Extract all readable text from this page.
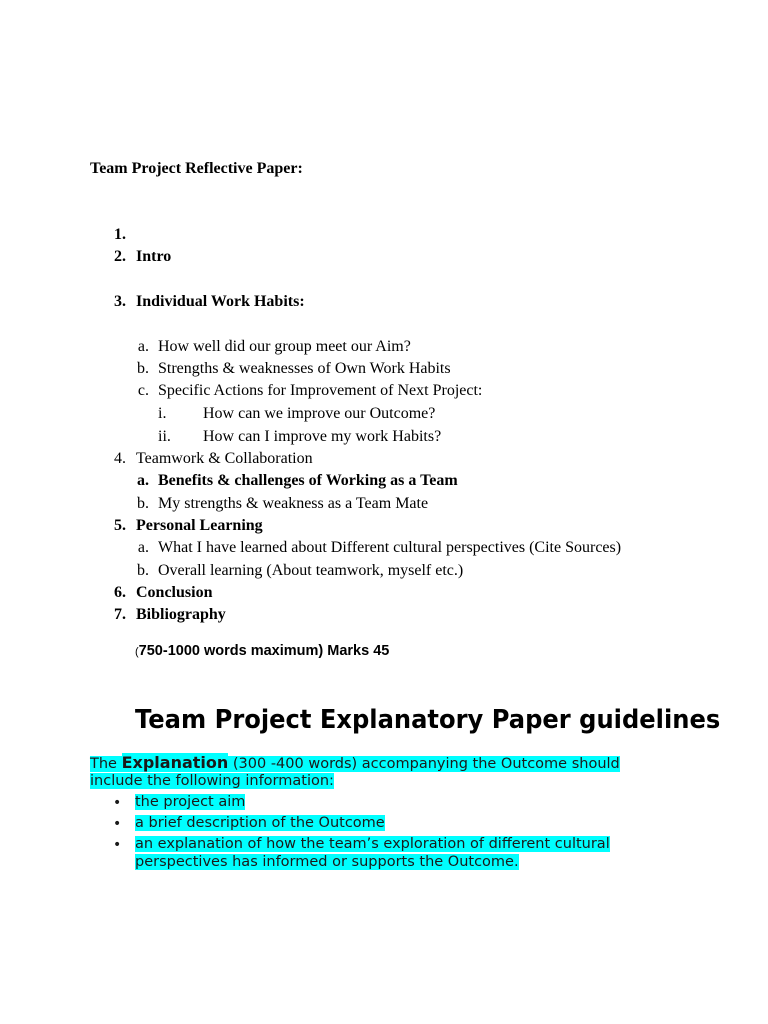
Team Project Reflective Paper:
1.
2. Intro
3. Individual Work Habits:
a. How well did our group meet our Aim?
b. Strengths & weaknesses of Own Work Habits
c. Specific Actions for Improvement of Next Project:
i. How can we improve our Outcome?
ii. How can I improve my work Habits?
4. Teamwork & Collaboration
a. Benefits & challenges of Working as a Team
b. My strengths & weakness as a Team Mate
5. Personal Learning
a. What I have learned about Different cultural perspectives (Cite Sources)
b. Overall learning (About teamwork, myself etc.)
6. Conclusion
7. Bibliography
(750-1000 words maximum) Marks 45
Team Project Explanatory Paper guidelines
The Explanation (300 -400 words) accompanying the Outcome should
include the following information:
• the project aim
• a brief description of the Outcome
• an explanation of how the team’s exploration of different cultural
perspectives has informed or supports the Outcome.
